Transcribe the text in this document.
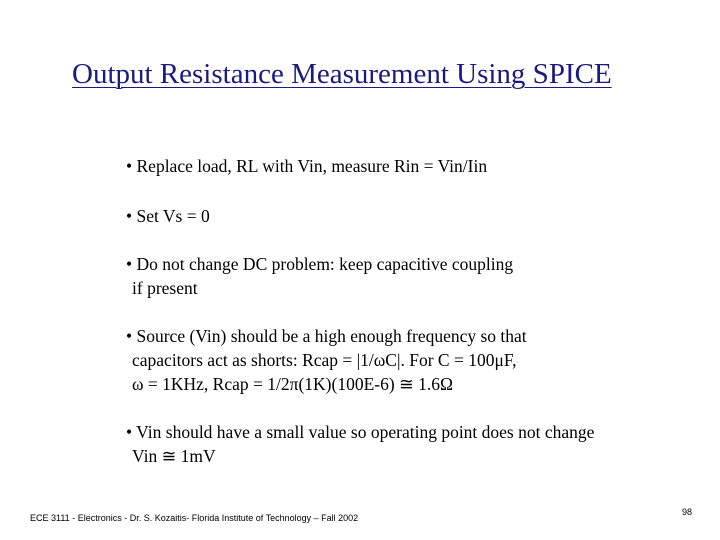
Output Resistance Measurement Using SPICE
• Replace load, RL with Vin, measure Rin = Vin/Iin
• Set Vs = 0
• Do not change DC problem: keep capacitive coupling
if present
• Source (Vin) should be a high enough frequency so that
capacitors act as shorts: Rcap = |1/ωC|. For C = 100μF,
ω = 1KHz, Rcap = 1/2π(1K)(100E-6) ≅ 1.6Ω
• Vin should have a small value so operating point does not change
Vin ≅ 1mV
ECE 3111 - Electronics - Dr. S. Kozaitis- Florida Institute of Technology – Fall 2002
98
